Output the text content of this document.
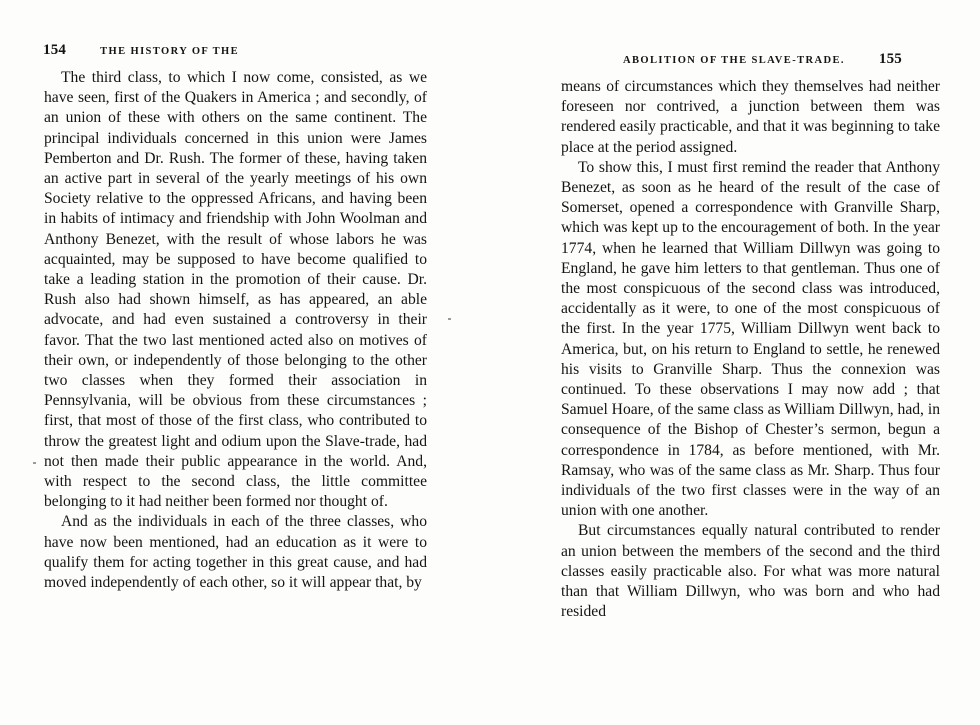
154	THE HISTORY OF THE

The third class, to which I now come, consisted, as we have seen, first of the Quakers in America ; and secondly, of an union of these with others on the same continent. The principal individuals concerned in this union were James Pemberton and Dr. Rush. The former of these, having taken an active part in several of the yearly meetings of his own Society relative to the oppressed Africans, and having been in habits of intimacy and friendship with John Woolman and Anthony Benezet, with the result of whose labors he was acquainted, may be supposed to have become qualified to take a leading station in the promotion of their cause. Dr. Rush also had shown himself, as has appeared, an able advocate, and had even sustained a controversy in their favor. That the two last mentioned acted also on motives of their own, or independently of those belonging to the other two classes when they formed their association in Pennsylvania, will be obvious from these circumstances ; first, that most of those of the first class, who contributed to throw the greatest light and odium upon the Slave-trade, had not then made their public appearance in the world. And, with respect to the second class, the little committee belonging to it had neither been formed nor thought of.

And as the individuals in each of the three classes, who have now been mentioned, had an education as it were to qualify them for acting together in this great cause, and had moved independently of each other, so it will appear that, by

ABOLITION OF THE SLAVE-TRADE. 155

means of circumstances which they themselves had neither foreseen nor contrived, a junction between them was rendered easily practicable, and that it was beginning to take place at the period assigned.

To show this, I must first remind the reader that Anthony Benezet, as soon as he heard of the result of the case of Somerset, opened a correspondence with Granville Sharp, which was kept up to the encouragement of both. In the year 1774, when he learned that William Dillwyn was going to England, he gave him letters to that gentleman. Thus one of the most conspicuous of the second class was introduced, accidentally as it were, to one of the most conspicuous of the first. In the year 1775, William Dillwyn went back to America, but, on his return to England to settle, he renewed his visits to Granville Sharp. Thus the connexion was continued. To these observations I may now add ; that Samuel Hoare, of the same class as William Dillwyn, had, in consequence of the Bishop of Chester’s sermon, begun a correspondence in 1784, as before mentioned, with Mr. Ramsay, who was of the same class as Mr. Sharp. Thus four individuals of the two first classes were in the way of an union with one another.

But circumstances equally natural contributed to render an union between the members of the second and the third classes easily practicable also. For what was more natural than that William Dillwyn, who was born and who had resided
